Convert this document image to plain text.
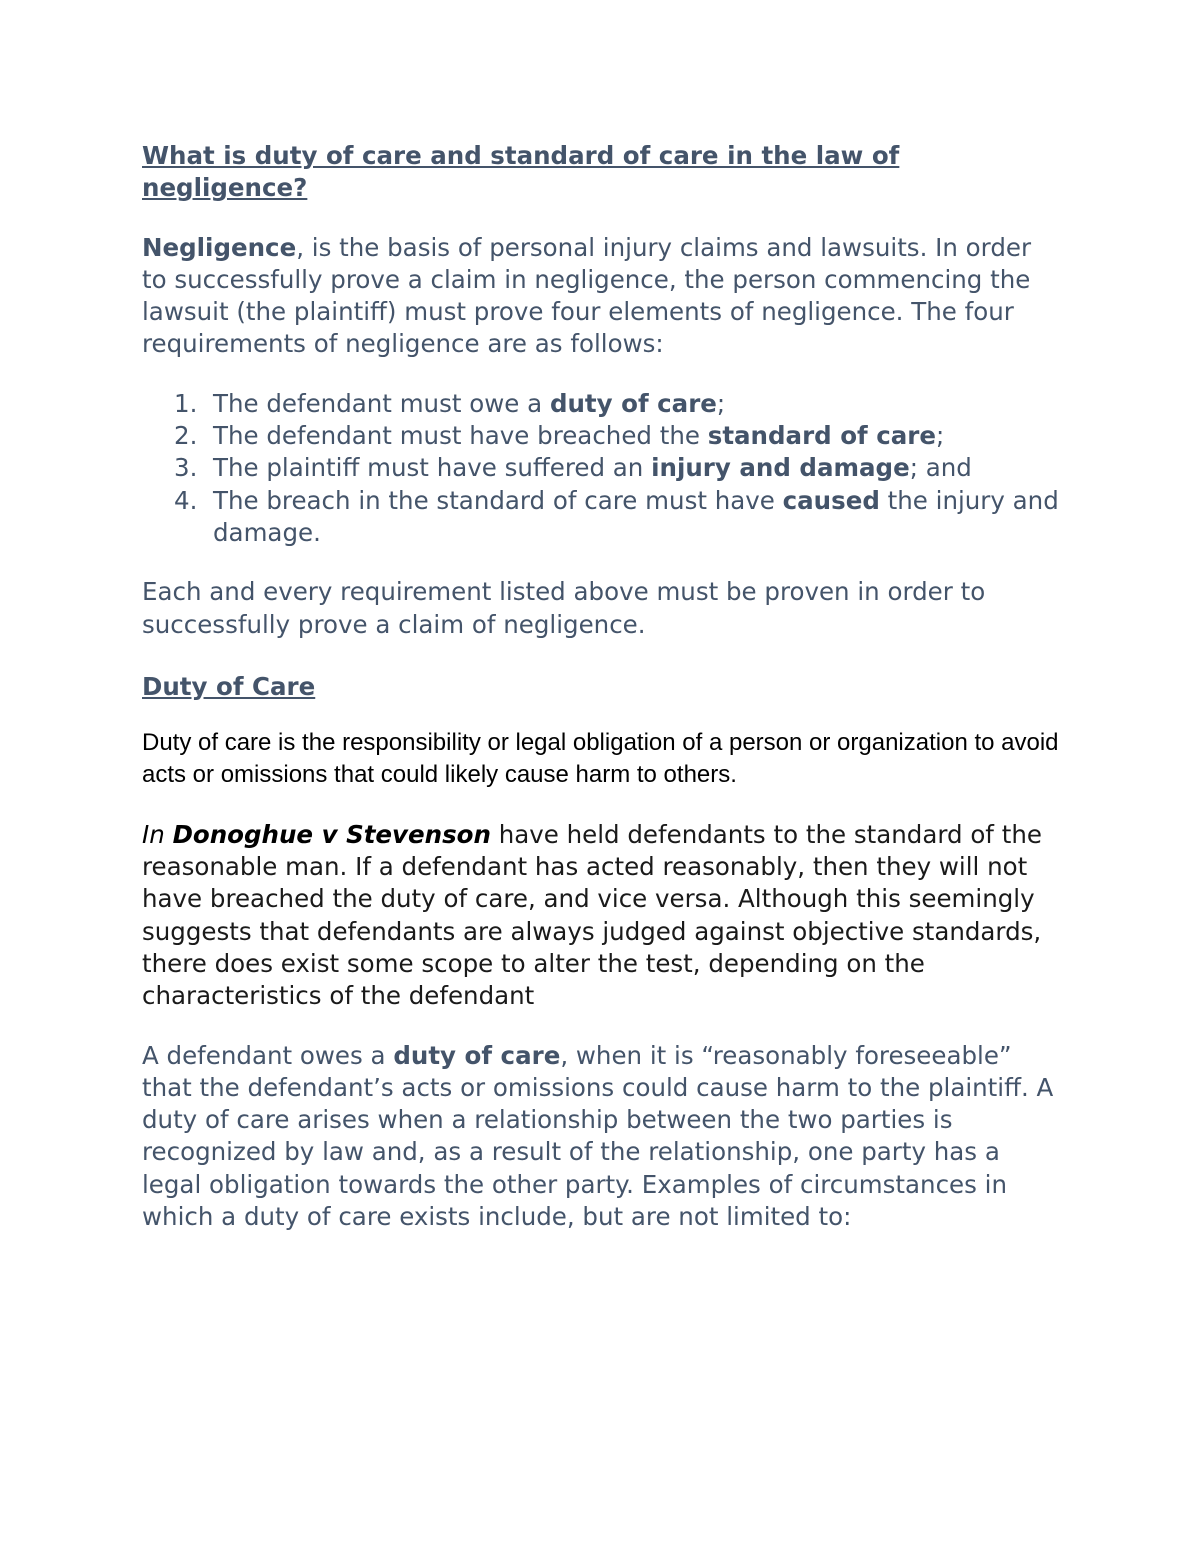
What is duty of care and standard of care in the law of negligence?

Negligence, is the basis of personal injury claims and lawsuits. In order to successfully prove a claim in negligence, the person commencing the lawsuit (the plaintiff) must prove four elements of negligence. The four requirements of negligence are as follows:

1. The defendant must owe a duty of care;
2. The defendant must have breached the standard of care;
3. The plaintiff must have suffered an injury and damage; and
4. The breach in the standard of care must have caused the injury and damage.

Each and every requirement listed above must be proven in order to successfully prove a claim of negligence.

Duty of Care

Duty of care is the responsibility or legal obligation of a person or organization to avoid acts or omissions that could likely cause harm to others.

In Donoghue v Stevenson have held defendants to the standard of the reasonable man. If a defendant has acted reasonably, then they will not have breached the duty of care, and vice versa. Although this seemingly suggests that defendants are always judged against objective standards, there does exist some scope to alter the test, depending on the characteristics of the defendant

A defendant owes a duty of care, when it is “reasonably foreseeable” that the defendant’s acts or omissions could cause harm to the plaintiff. A duty of care arises when a relationship between the two parties is recognized by law and, as a result of the relationship, one party has a legal obligation towards the other party. Examples of circumstances in which a duty of care exists include, but are not limited to:
